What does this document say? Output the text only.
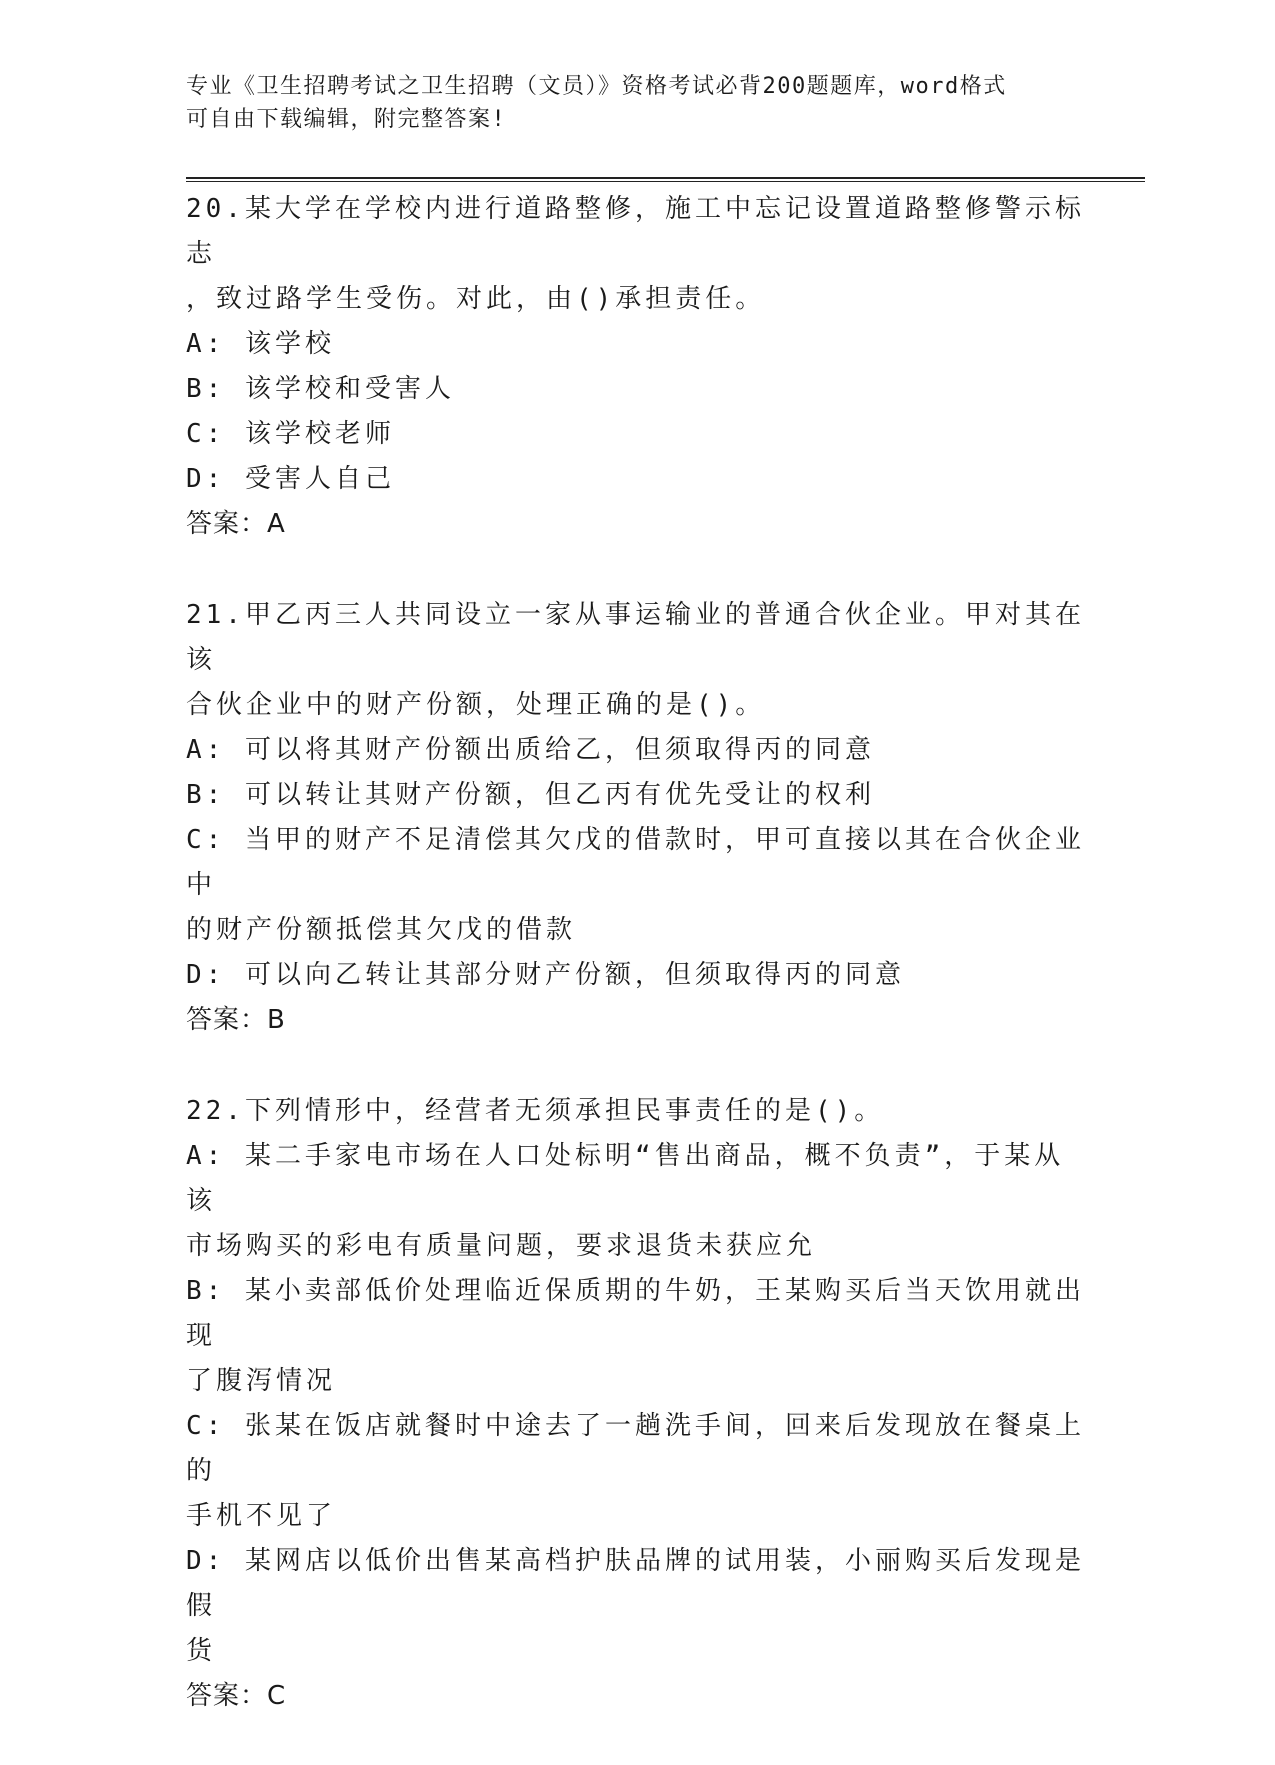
专业《卫生招聘考试之卫生招聘（文员）》资格考试必背200题题库，word格式
可自由下载编辑，附完整答案!
20.某大学在学校内进行道路整修，施工中忘记设置道路整修警示标志
，致过路学生受伤。对此，由()承担责任。
A: 该学校
B: 该学校和受害人
C: 该学校老师
D: 受害人自己
答案：A
21.甲乙丙三人共同设立一家从事运输业的普通合伙企业。甲对其在该
合伙企业中的财产份额，处理正确的是()。
A: 可以将其财产份额出质给乙，但须取得丙的同意
B: 可以转让其财产份额，但乙丙有优先受让的权利
C: 当甲的财产不足清偿其欠戊的借款时，甲可直接以其在合伙企业中
的财产份额抵偿其欠戊的借款
D: 可以向乙转让其部分财产份额，但须取得丙的同意
答案：B
22.下列情形中，经营者无须承担民事责任的是()。
A: 某二手家电市场在人口处标明“售出商品，概不负责”，于某从该
市场购买的彩电有质量问题，要求退货未获应允
B: 某小卖部低价处理临近保质期的牛奶，王某购买后当天饮用就出现
了腹泻情况
C: 张某在饭店就餐时中途去了一趟洗手间，回来后发现放在餐桌上的
手机不见了
D: 某网店以低价出售某高档护肤品牌的试用装，小丽购买后发现是假
货
答案：C
